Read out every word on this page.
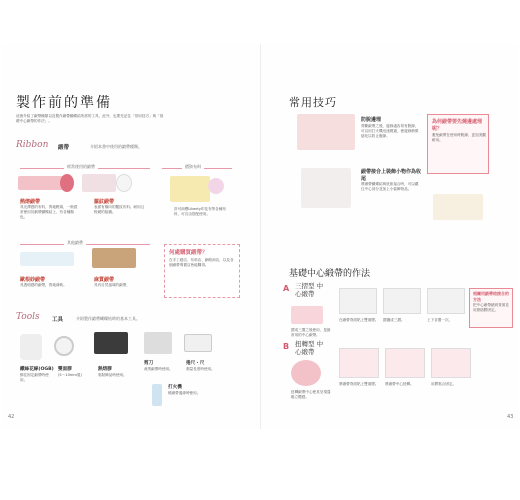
製作前的準備
這裡介紹了緞帶種類以及製作緞帶蝴蝶結所需的工具，此外，也要先記住「常用技巧」與「基礎中心緞帶的作法」。
Ribbon 緞帶	介紹本書中使用的緞帶種類。
經常使用的緞帶	價資布料
熱熔緞帶
具光澤感的布料，質地輕薄，一般經常使用於緞帶蝴蝶結上，有各種顏色。
羅紋緞帶
表面有橫向的羅紋布料。耐用且較硬的組織。
許可商標Liberty印花布等各種布料，可自由搭配使用。
其他緞帶
歐根紗緞帶
具透明感的緞帶，質地薄軟。
麻質緞帶
具有自然風味的緞帶，
何處購買緞帶？
在手工藝店、布料店、網路商店，以及各個緞帶專賣店皆能購得。
Tools 工具	介紹製作緞帶蝴蝶結時的基本工具。
鐵絲花線(OGB)
綁住固定緞帶時使用。
雙面膠
(5～10mm寬)
熱熔膠
黏貼飾品時使用。
剪刀
裁剪緞帶時使用。
捲尺・尺
測量長度時使用。
打火機
燒緞帶邊緣時使用。
42
常用技巧
防脫邊理
剪斷緞帶之後，邊緣處容易有脫線，可以用打火機迅速燒過，使邊緣稍微熔化以防止脫線。
緞帶接合上裝飾小物作為收尾
將緞帶蝴蝶結與底座接合時，可以藏住中心部分並加上小裝飾物品。
為何緞帶要先燒邊處理呢？
避免緞帶在使用時脫線，更加美觀耐用。
基礎中心緞帶的作法
A 三摺型 中心緞帶
摺成三摺之後使用，是最常用的中心緞帶。
在緞帶背面貼上雙面膠。 摺疊成三摺。	上下各摺一次。
相關用緞帶結接合的方法
把中心緞帶繞到背面並用熱熔膠固定。
B 扭轉型 中心緞帶
扭轉緞帶中心使其呈現蓬鬆立體感。
將緞帶背面貼上雙面膠。 將緞帶中心扭轉。	用膠黏合固定。
43
